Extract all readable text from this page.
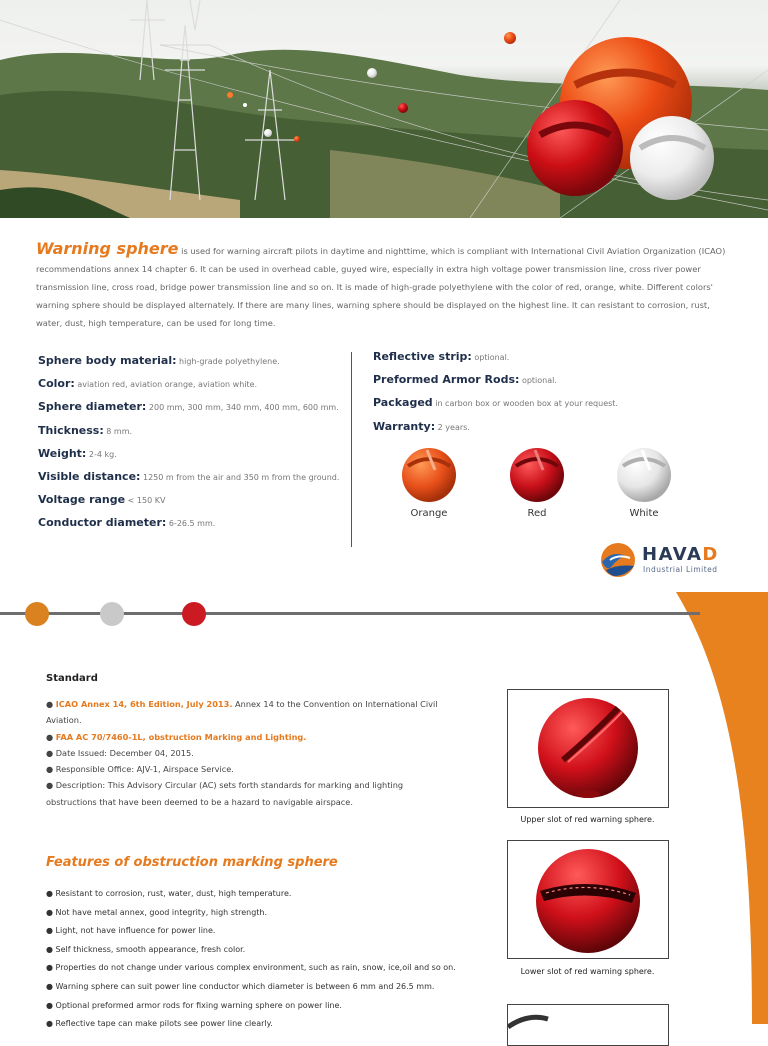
Warning sphere is used for warning aircraft pilots in daytime and nighttime, which is compliant with International Civil Aviation Organization (ICAO) recommendations annex 14 chapter 6. It can be used in overhead cable, guyed wire, especially in extra high voltage power transmission line, cross river power transmission line, cross road, bridge power transmission line and so on. It is made of high-grade polyethylene with the color of red, orange, white. Different colors' warning sphere should be displayed alternately. If there are many lines, warning sphere should be displayed on the highest line. It can resistant to corrosion, rust, water, dust, high temperature, can be used for long time.
Sphere body material: high-grade polyethylene.
Color: aviation red, aviation orange, aviation white.
Sphere diameter: 200 mm, 300 mm, 340 mm, 400 mm, 600 mm.
Thickness: 8 mm.
Weight: 2-4 kg.
Visible distance: 1250 m from the air and 350 m from the ground.
Voltage range < 150 KV
Conductor diameter: 6-26.5 mm.
Reflective strip: optional.
Preformed Armor Rods: optional.
Packaged in carbon box or wooden box at your request.
Warranty: 2 years.
Orange	Red	White
HAVAD
Industrial Limited
Standard

● ICAO Annex 14, 6th Edition, July 2013. Annex 14 to the Convention on International Civil Aviation.

● FAA AC 70/7460-1L, obstruction Marking and Lighting.

● Date Issued: December 04, 2015.

● Responsible Office: AJV-1, Airspace Service.

● Description: This Advisory Circular (AC) sets forth standards for marking and lighting obstructions that have been deemed to be a hazard to navigable airspace.

Features of obstruction marking sphere

● Resistant to corrosion, rust, water, dust, high temperature.

● Not have metal annex, good integrity, high strength.

● Light, not have influence for power line.

● Self thickness, smooth appearance, fresh color.

● Properties do not change under various complex environment, such as rain, snow, ice,oil and so on.

● Warning sphere can suit power line conductor which diameter is between 6 mm and 26.5 mm.

● Optional preformed armor rods for fixing warning sphere on power line.

● Reflective tape can make pilots see power line clearly.

Upper slot of red warning sphere.
Lower slot of red warning sphere.
